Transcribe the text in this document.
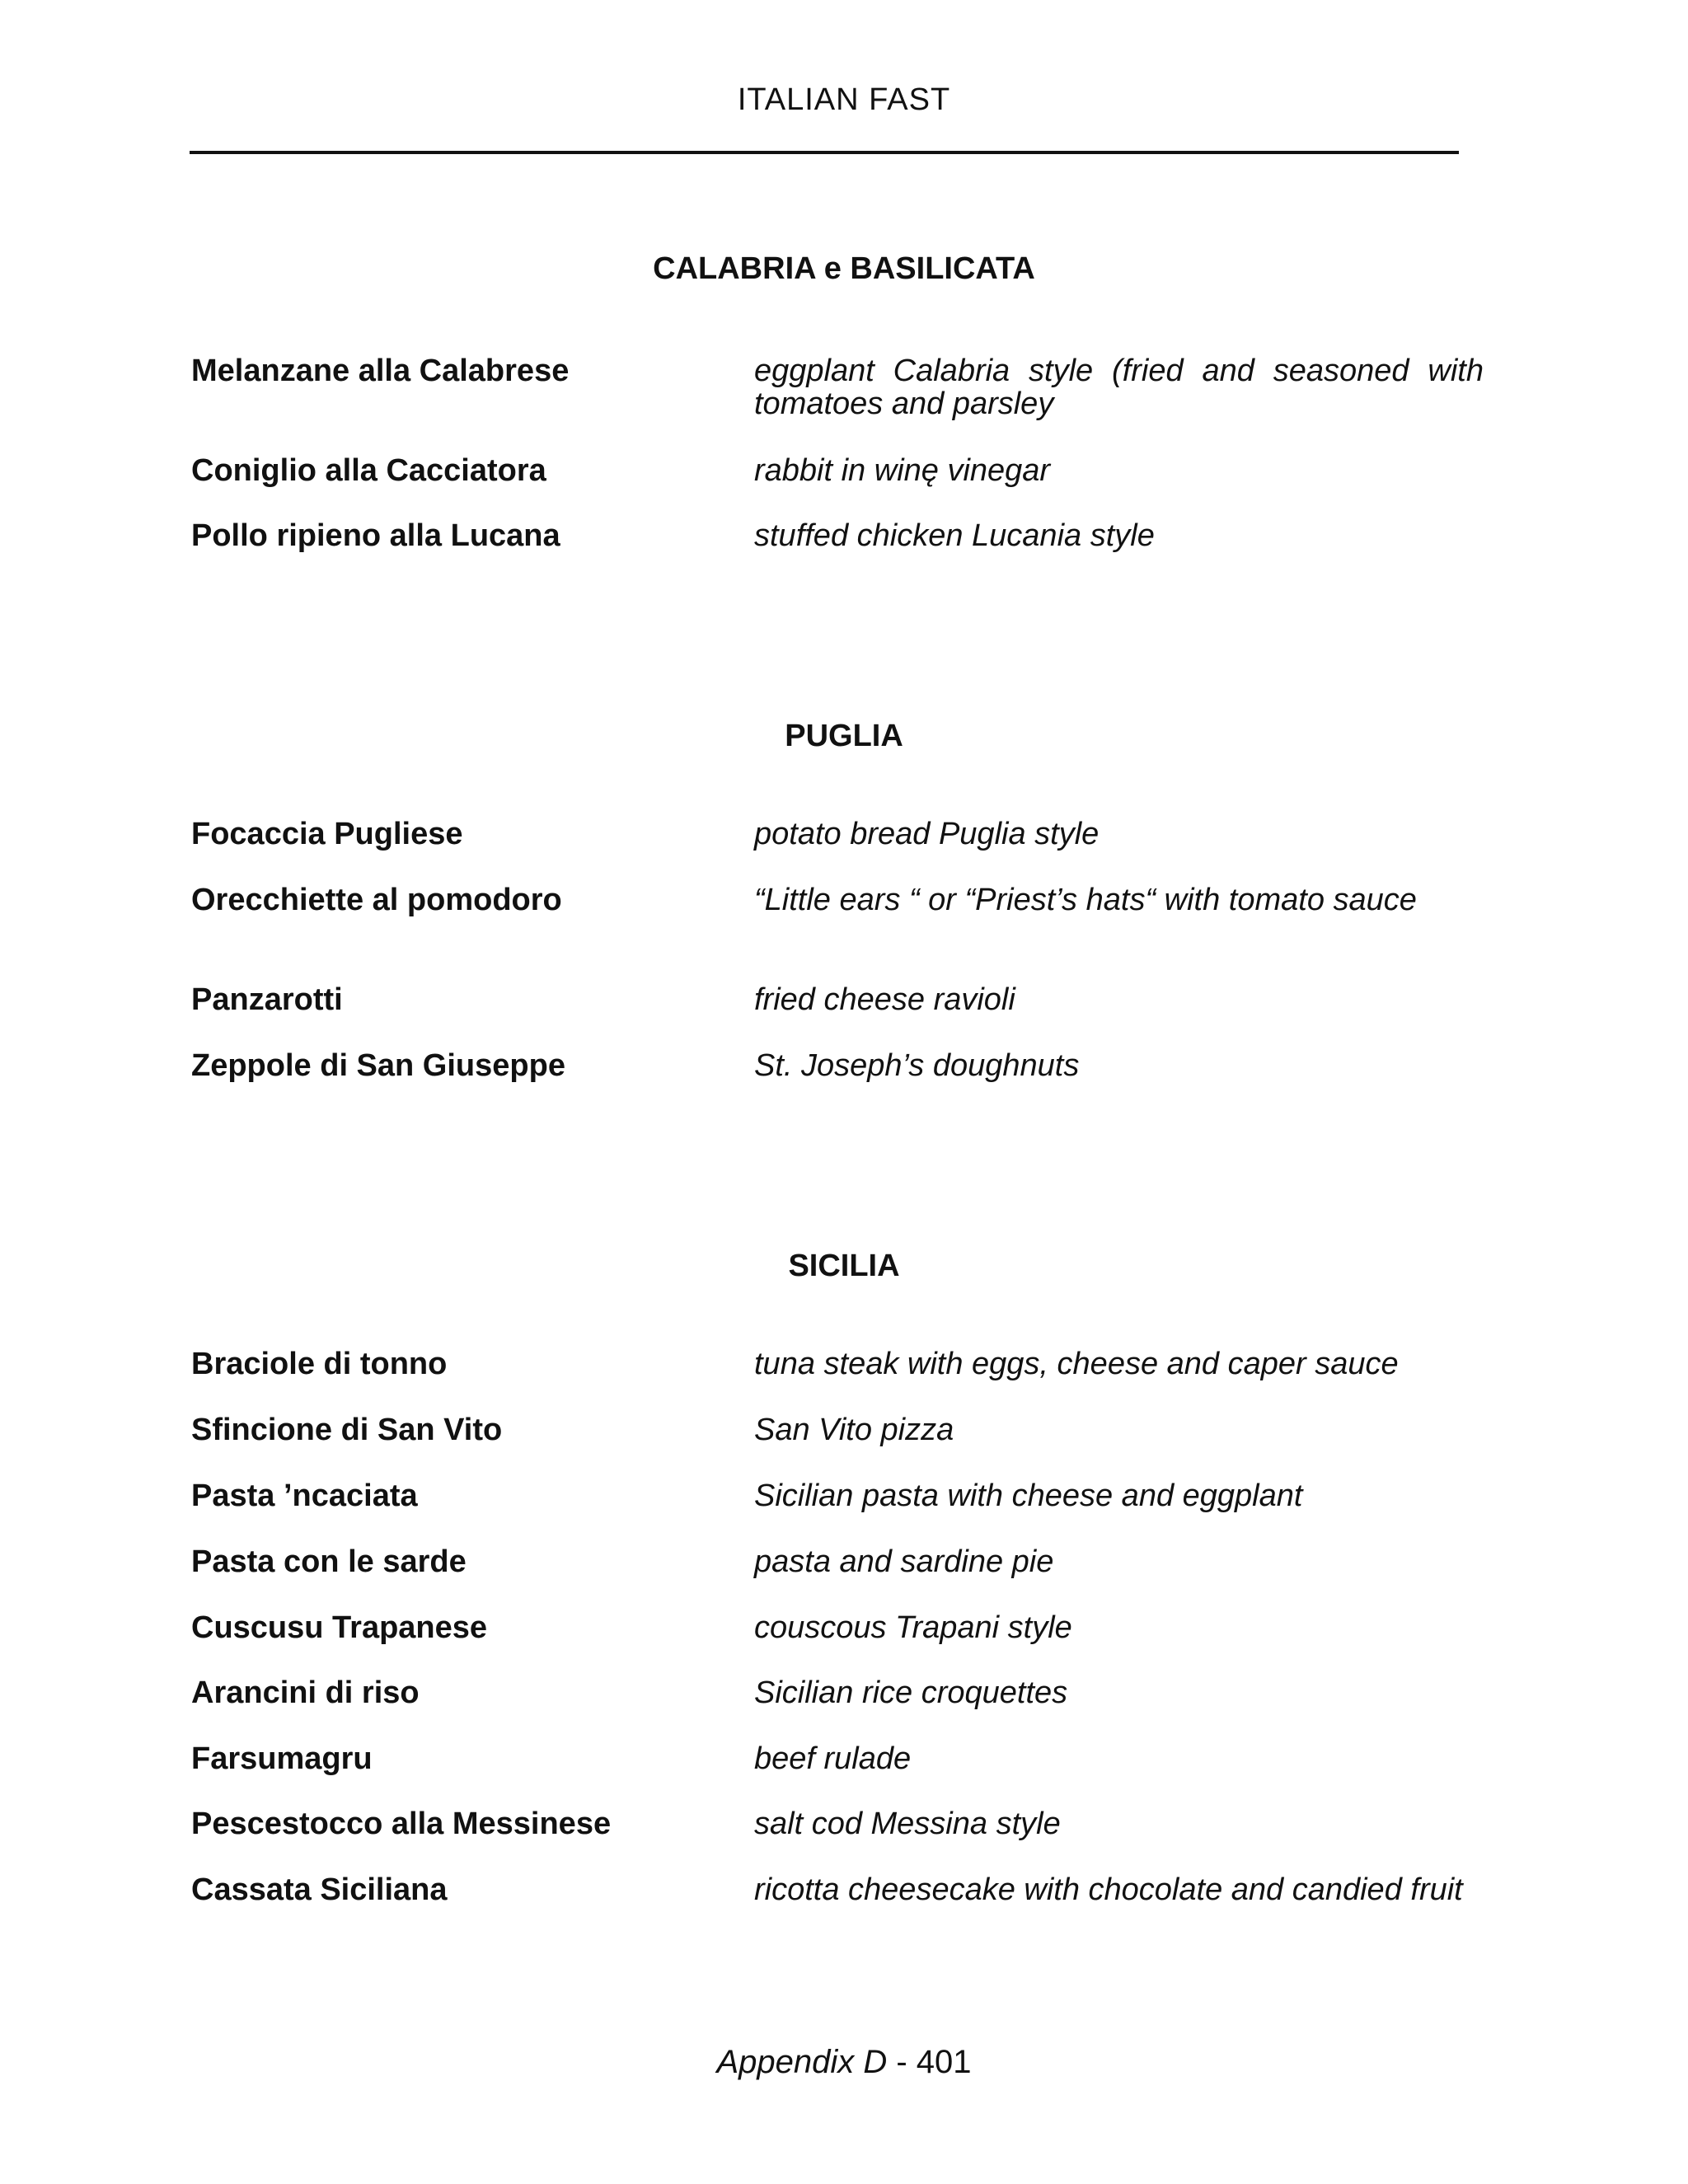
ITALIAN FAST
CALABRIA e BASILICATA
Melanzane alla Calabrese	eggplant Calabria style (fried and seasoned with tomatoes and parsley
Coniglio alla Cacciatora	rabbit in winę vinegar
Pollo ripieno alla Lucana	stuffed chicken Lucania style
PUGLIA
Focaccia Pugliese	potato bread Puglia style
Orecchiette al pomodoro	“Little ears “ or “Priest’s hats“ with tomato sauce
Panzarotti	fried cheese ravioli
Zeppole di San Giuseppe	St. Joseph’s doughnuts
SICILIA
Braciole di tonno	tuna steak with eggs, cheese and caper sauce
Sfincione di San Vito	San Vito pizza
Pasta ’ncaciata	Sicilian pasta with cheese and eggplant
Pasta con le sarde	pasta and sardine pie
Cuscusu Trapanese	couscous Trapani style
Arancini di riso	Sicilian rice croquettes
Farsumagru	beef rulade
Pescestocco alla Messinese	salt cod Messina style
Cassata Siciliana	ricotta cheesecake with chocolate and candied fruit
Appendix D - 401
